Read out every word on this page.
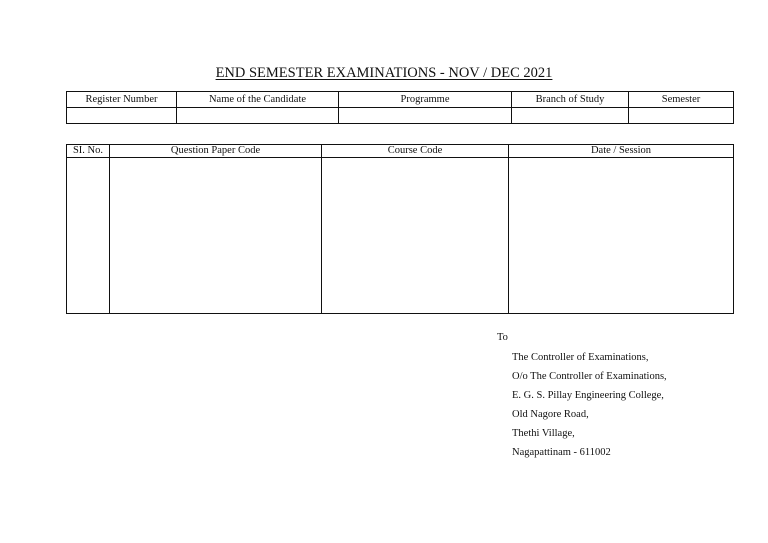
END SEMESTER EXAMINATIONS - NOV / DEC 2021
Register Number	Name of the Candidate	Programme	Branch of Study	Semester

SI. No.	Question Paper Code	Course Code	Date / Session

To
The Controller of Examinations,
O/o The Controller of Examinations,
E. G. S. Pillay Engineering College,
Old Nagore Road,
Thethi Village,
Nagapattinam - 611002
